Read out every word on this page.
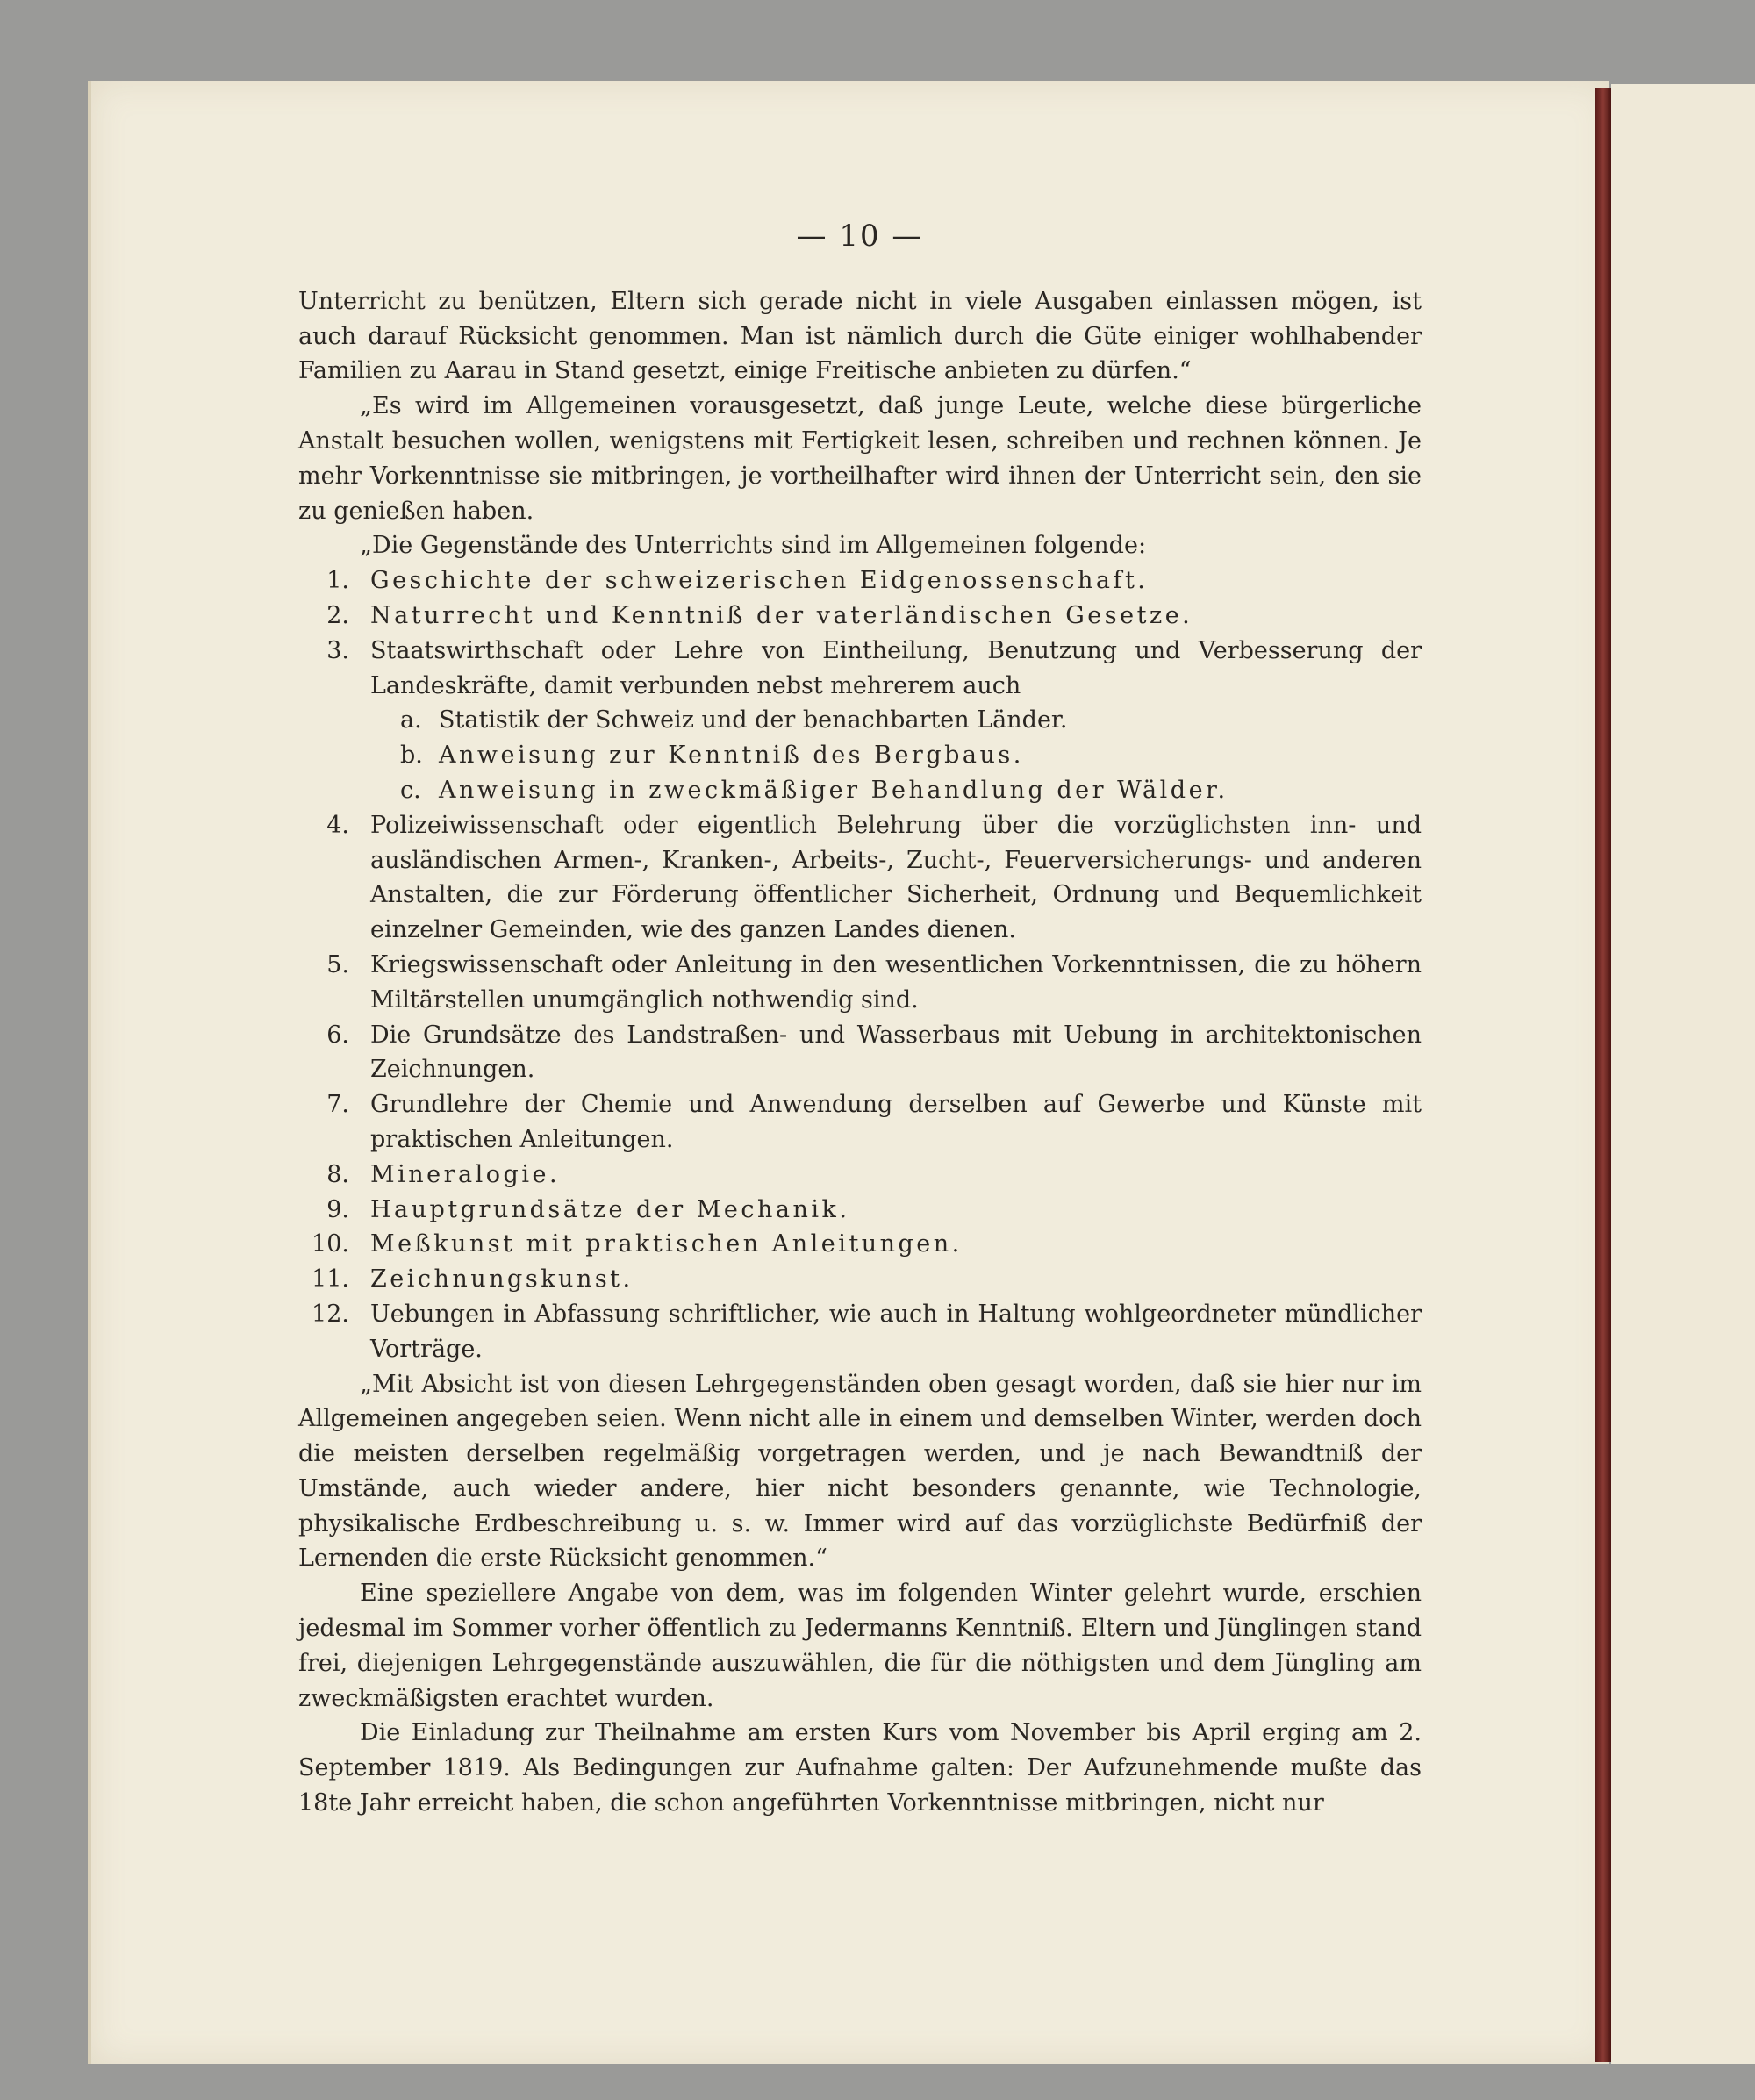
— 10 —

Unterricht zu benützen, Eltern sich gerade nicht in viele Ausgaben einlassen mögen, ist auch darauf Rücksicht genommen. Man ist nämlich durch die Güte einiger wohlhabender Familien zu Aarau in Stand gesetzt, einige Freitische anbieten zu dürfen.“

„Es wird im Allgemeinen vorausgesetzt, daß junge Leute, welche diese bürgerliche Anstalt besuchen wollen, wenigstens mit Fertigkeit lesen, schreiben und rechnen können. Je mehr Vorkenntnisse sie mitbringen, je vortheilhafter wird ihnen der Unterricht sein, den sie zu genießen haben.

„Die Gegenstände des Unterrichts sind im Allgemeinen folgende:

1. Geschichte der schweizerischen Eidgenossenschaft.
2. Naturrecht und Kenntniß der vaterländischen Gesetze.
3. Staatswirthschaft oder Lehre von Eintheilung, Benutzung und Verbesserung der Landeskräfte, damit verbunden nebst mehrerem auch
a. Statistik der Schweiz und der benachbarten Länder.
b. Anweisung zur Kenntniß des Bergbaus.
c. Anweisung in zweckmäßiger Behandlung der Wälder.
4. Polizeiwissenschaft oder eigentlich Belehrung über die vorzüglichsten inn- und ausländischen Armen-, Kranken-, Arbeits-, Zucht-, Feuerversicherungs- und anderen Anstalten, die zur Förderung öffentlicher Sicherheit, Ordnung und Bequemlichkeit einzelner Gemeinden, wie des ganzen Landes dienen.
5. Kriegswissenschaft oder Anleitung in den wesentlichen Vorkenntnissen, die zu höhern Miltärstellen unumgänglich nothwendig sind.
6. Die Grundsätze des Landstraßen- und Wasserbaus mit Uebung in architektonischen Zeichnungen.
7. Grundlehre der Chemie und Anwendung derselben auf Gewerbe und Künste mit praktischen Anleitungen.
8. Mineralogie.
9. Hauptgrundsätze der Mechanik.
10. Meßkunst mit praktischen Anleitungen.
11. Zeichnungskunst.
12. Uebungen in Abfassung schriftlicher, wie auch in Haltung wohlgeordneter mündlicher Vorträge.

„Mit Absicht ist von diesen Lehrgegenständen oben gesagt worden, daß sie hier nur im Allgemeinen angegeben seien. Wenn nicht alle in einem und demselben Winter, werden doch die meisten derselben regelmäßig vorgetragen werden, und je nach Bewandtniß der Umstände, auch wieder andere, hier nicht besonders genannte, wie Technologie, physikalische Erdbeschreibung u. s. w. Immer wird auf das vorzüglichste Bedürfniß der Lernenden die erste Rücksicht genommen.“

Eine speziellere Angabe von dem, was im folgenden Winter gelehrt wurde, erschien jedesmal im Sommer vorher öffentlich zu Jedermanns Kenntniß. Eltern und Jünglingen stand frei, diejenigen Lehrgegenstände auszuwählen, die für die nöthigsten und dem Jüngling am zweckmäßigsten erachtet wurden.

Die Einladung zur Theilnahme am ersten Kurs vom November bis April erging am 2. September 1819. Als Bedingungen zur Aufnahme galten: Der Aufzunehmende mußte das 18te Jahr erreicht haben, die schon angeführten Vorkenntnisse mitbringen, nicht nur
